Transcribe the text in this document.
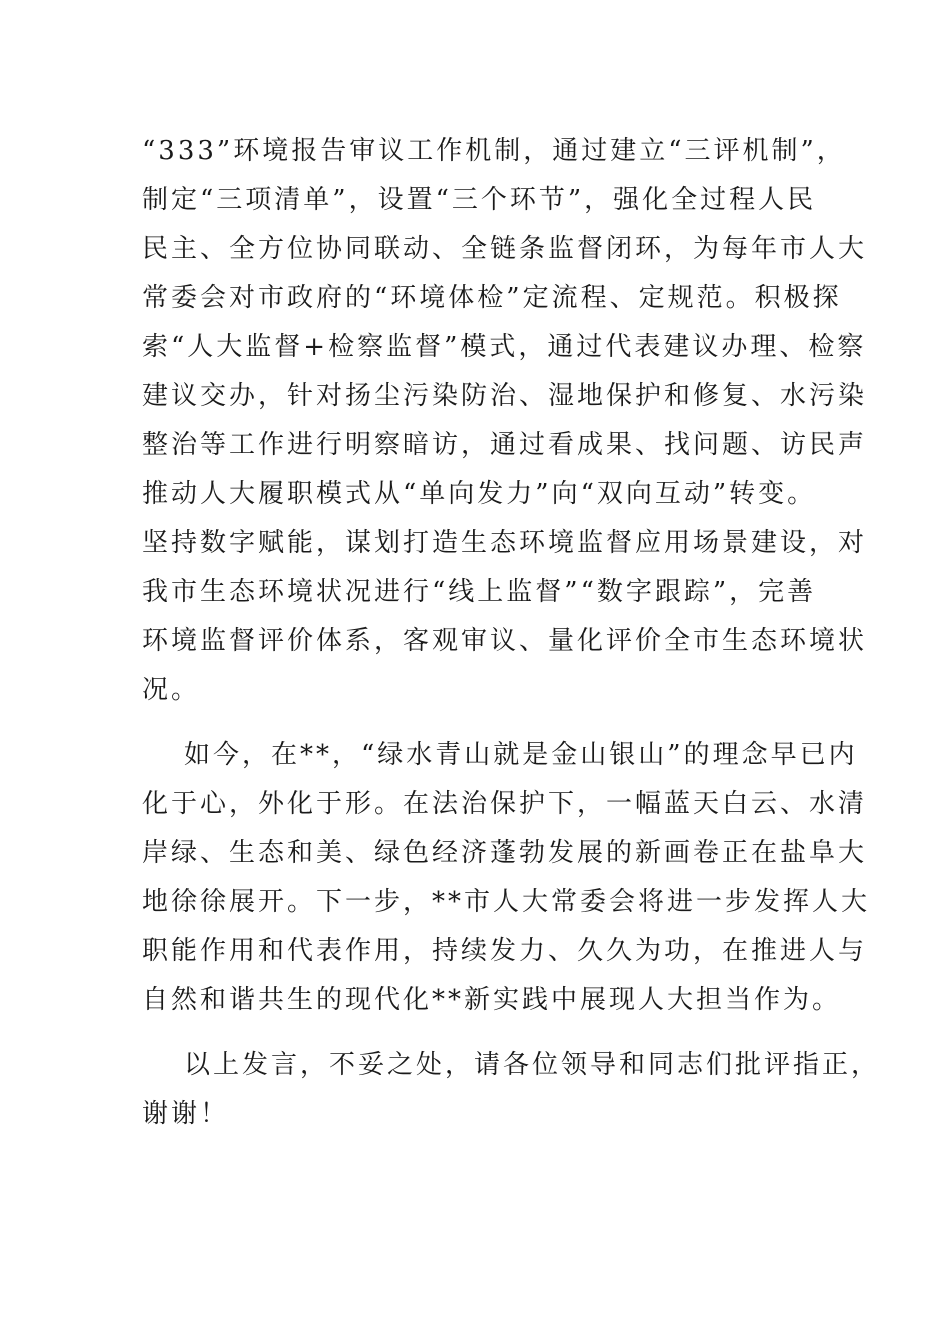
“333”环境报告审议工作机制，通过建立“三评机制”，
制定“三项清单”，设置“三个环节”，强化全过程人民
民主、全方位协同联动、全链条监督闭环，为每年市人大
常委会对市政府的“环境体检”定流程、定规范。积极探
索“人大监督+检察监督”模式，通过代表建议办理、检察
建议交办，针对扬尘污染防治、湿地保护和修复、水污染
整治等工作进行明察暗访，通过看成果、找问题、访民声
推动人大履职模式从“单向发力”向“双向互动”转变。
坚持数字赋能，谋划打造生态环境监督应用场景建设，对
我市生态环境状况进行“线上监督”“数字跟踪”，完善
环境监督评价体系，客观审议、量化评价全市生态环境状
况。
如今，在**，“绿水青山就是金山银山”的理念早已内
化于心，外化于形。在法治保护下，一幅蓝天白云、水清
岸绿、生态和美、绿色经济蓬勃发展的新画卷正在盐阜大
地徐徐展开。下一步，**市人大常委会将进一步发挥人大
职能作用和代表作用，持续发力、久久为功，在推进人与
自然和谐共生的现代化**新实践中展现人大担当作为。
以上发言，不妥之处，请各位领导和同志们批评指正，
谢谢！
